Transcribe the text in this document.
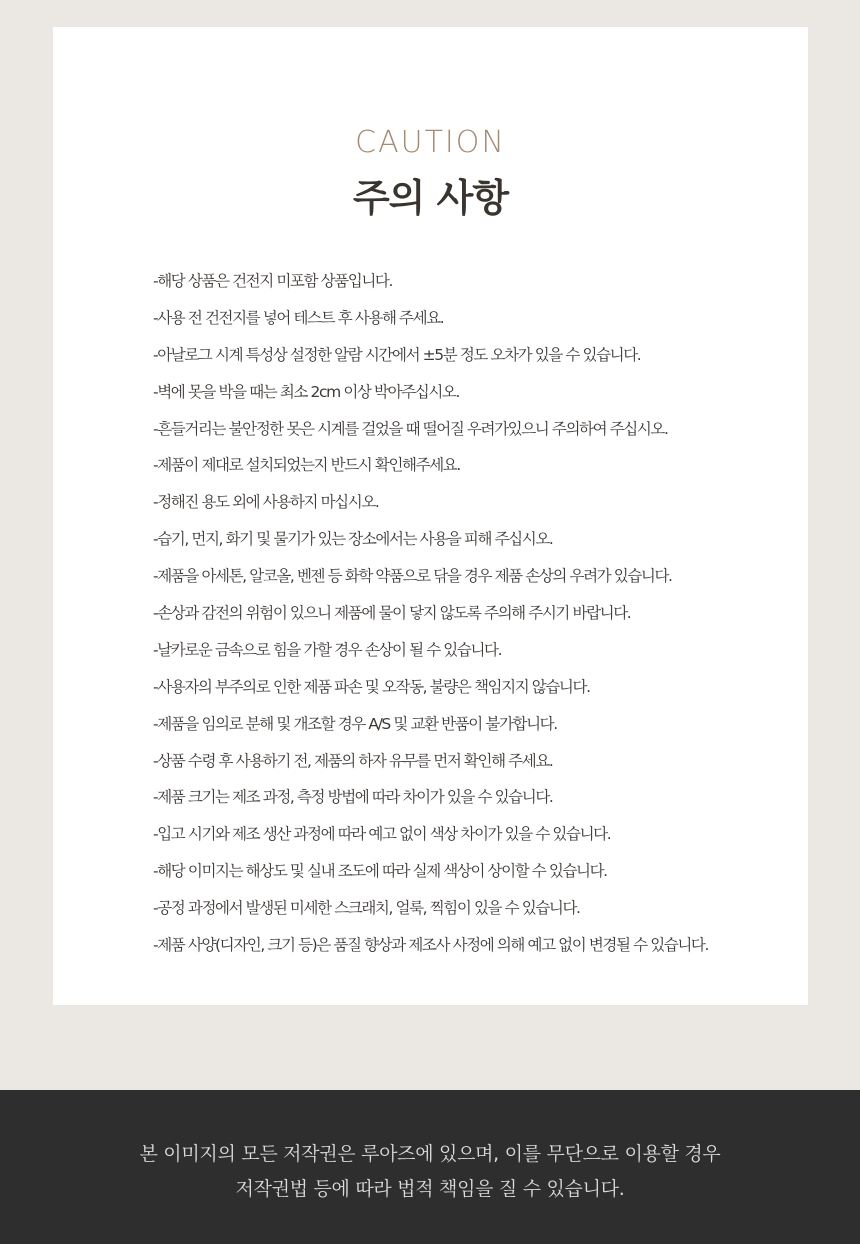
CAUTION
주의 사항
-해당 상품은 건전지 미포함 상품입니다.
-사용 전 건전지를 넣어 테스트 후 사용해 주세요.
-아날로그 시계 특성상 설정한 알람 시간에서 ±5분 정도 오차가 있을 수 있습니다.
-벽에 못을 박을 때는 최소 2cm 이상 박아주십시오.
-흔들거리는 불안정한 못은 시계를 걸었을 때 떨어질 우려가있으니 주의하여 주십시오.
-제품이 제대로 설치되었는지 반드시 확인해주세요.
-정해진 용도 외에 사용하지 마십시오.
-습기, 먼지, 화기 및 물기가 있는 장소에서는 사용을 피해 주십시오.
-제품을 아세톤, 알코올, 벤젠 등 화학 약품으로 닦을 경우 제품 손상의 우려가 있습니다.
-손상과 감전의 위험이 있으니 제품에 물이 닿지 않도록 주의해 주시기 바랍니다.
-날카로운 금속으로 힘을 가할 경우 손상이 될 수 있습니다.
-사용자의 부주의로 인한 제품 파손 및 오작동, 불량은 책임지지 않습니다.
-제품을 임의로 분해 및 개조할 경우 A/S 및 교환 반품이 불가합니다.
-상품 수령 후 사용하기 전, 제품의 하자 유무를 먼저 확인해 주세요.
-제품 크기는 제조 과정, 측정 방법에 따라 차이가 있을 수 있습니다.
-입고 시기와 제조 생산 과정에 따라 예고 없이 색상 차이가 있을 수 있습니다.
-해당 이미지는 해상도 및 실내 조도에 따라 실제 색상이 상이할 수 있습니다.
-공정 과정에서 발생된 미세한 스크래치, 얼룩, 찍힘이 있을 수 있습니다.
-제품 사양(디자인, 크기 등)은 품질 향상과 제조사 사정에 의해 예고 없이 변경될 수 있습니다.
본 이미지의 모든 저작권은 루아즈에 있으며, 이를 무단으로 이용할 경우
저작권법 등에 따라 법적 책임을 질 수 있습니다.
